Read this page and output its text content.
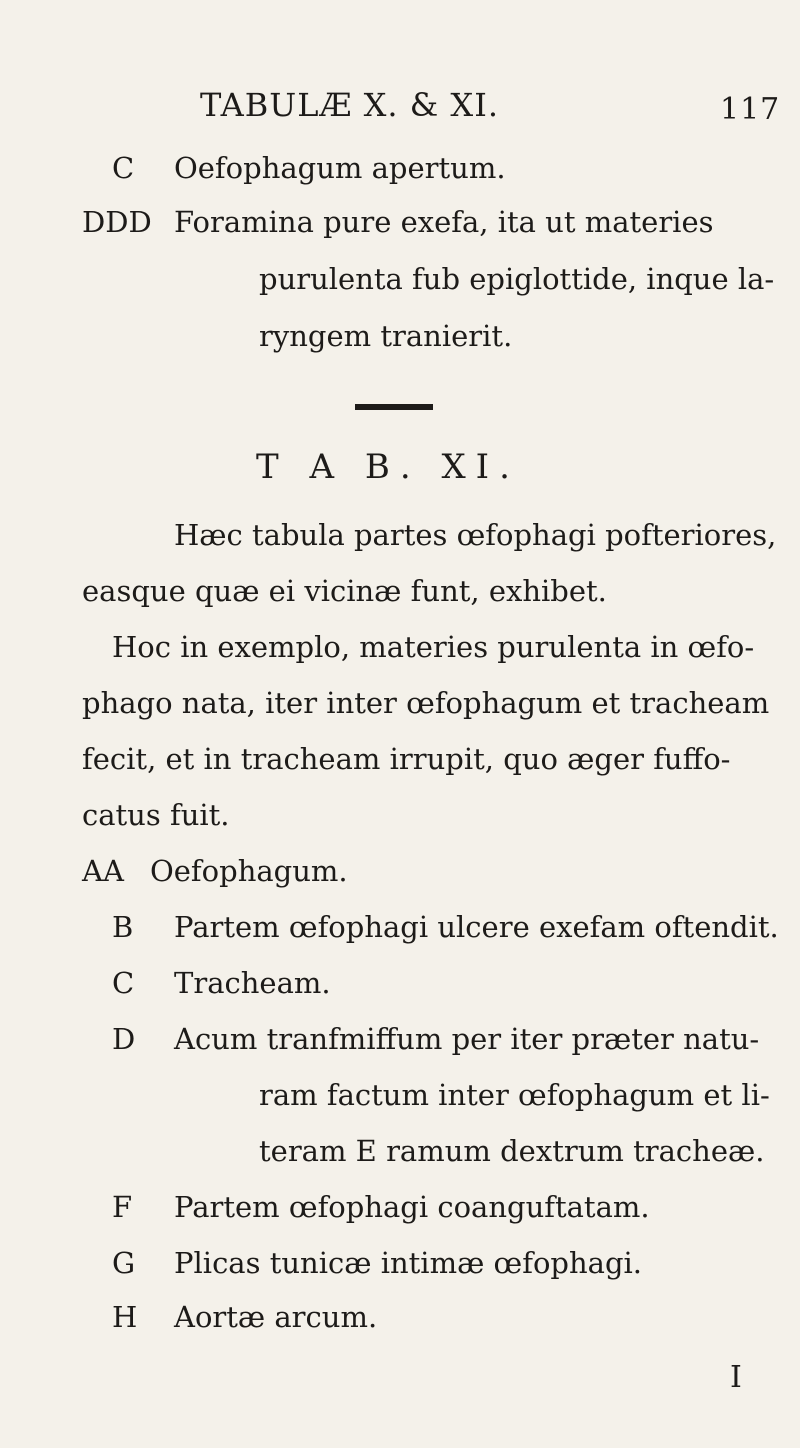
TABULÆ X. & XI.	117
C Oefophagum apertum.
DDD Foramina pure exefa, ita ut materies
purulenta fub epiglottide, inque la-
ryngem tranierit.
T A B. XI.
Hæc tabula partes œfophagi pofteriores,
easque quæ ei vicinæ funt, exhibet.
Hoc in exemplo, materies purulenta in œfo-
phago nata, iter inter œfophagum et tracheam
fecit, et in tracheam irrupit, quo æger fuffo-
catus fuit.
AA Oefophagum.
B Partem œfophagi ulcere exefam oftendit.
C Tracheam.
D Acum tranfmiffum per iter præter natu-
ram factum inter œfophagum et li-
teram E ramum dextrum tracheæ.
F Partem œfophagi coanguftatam.
G Plicas tunicæ intimæ œfophagi.
H Aortæ arcum.
I
